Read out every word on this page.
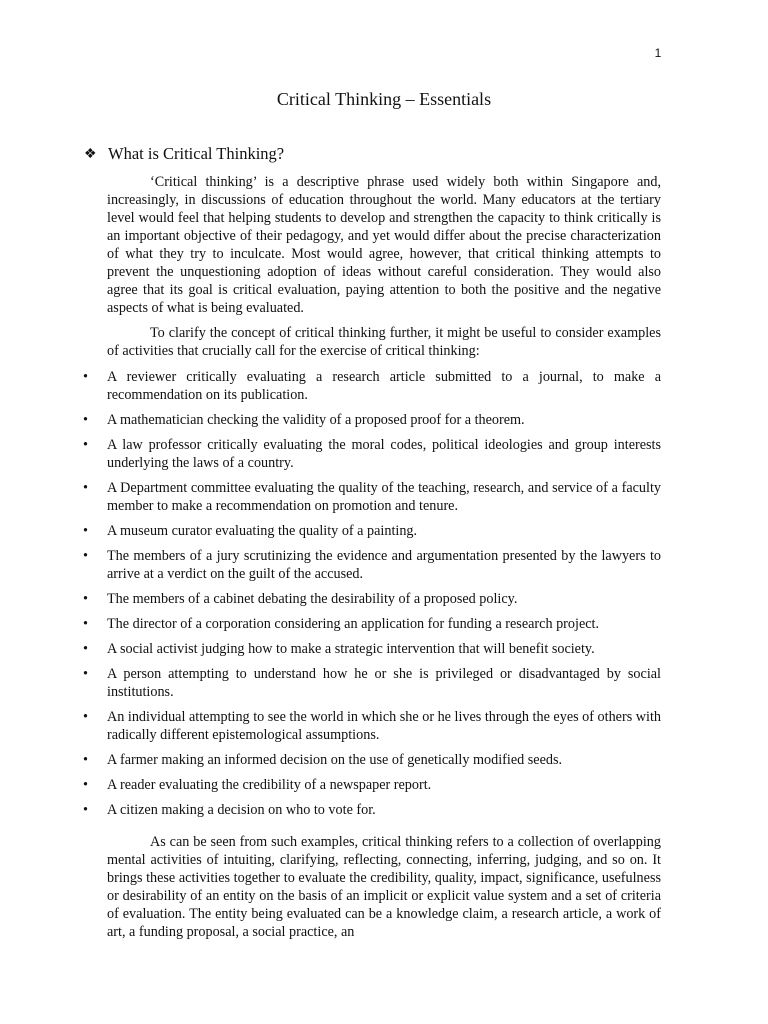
1
Critical Thinking – Essentials
❖ What is Critical Thinking?

‘Critical thinking’ is a descriptive phrase used widely both within Singapore and, increasingly, in discussions of education throughout the world. Many educators at the tertiary level would feel that helping students to develop and strengthen the capacity to think critically is an important objective of their pedagogy, and yet would differ about the precise characterization of what they try to inculcate. Most would agree, however, that critical thinking attempts to prevent the unquestioning adoption of ideas without careful consideration. They would also agree that its goal is critical evaluation, paying attention to both the positive and the negative aspects of what is being evaluated.

To clarify the concept of critical thinking further, it might be useful to consider examples of activities that crucially call for the exercise of critical thinking:

• A reviewer critically evaluating a research article submitted to a journal, to make a recommendation on its publication.
• A mathematician checking the validity of a proposed proof for a theorem.
• A law professor critically evaluating the moral codes, political ideologies and group interests underlying the laws of a country.
• A Department committee evaluating the quality of the teaching, research, and service of a faculty member to make a recommendation on promotion and tenure.
• A museum curator evaluating the quality of a painting.
• The members of a jury scrutinizing the evidence and argumentation presented by the lawyers to arrive at a verdict on the guilt of the accused.
• The members of a cabinet debating the desirability of a proposed policy.
• The director of a corporation considering an application for funding a research project.
• A social activist judging how to make a strategic intervention that will benefit society.
• A person attempting to understand how he or she is privileged or disadvantaged by social institutions.
• An individual attempting to see the world in which she or he lives through the eyes of others with radically different epistemological assumptions.
• A farmer making an informed decision on the use of genetically modified seeds.
• A reader evaluating the credibility of a newspaper report.
• A citizen making a decision on who to vote for.

As can be seen from such examples, critical thinking refers to a collection of overlapping mental activities of intuiting, clarifying, reflecting, connecting, inferring, judging, and so on. It brings these activities together to evaluate the credibility, quality, impact, significance, usefulness or desirability of an entity on the basis of an implicit or explicit value system and a set of criteria of evaluation. The entity being evaluated can be a knowledge claim, a research article, a work of art, a funding proposal, a social practice, an
